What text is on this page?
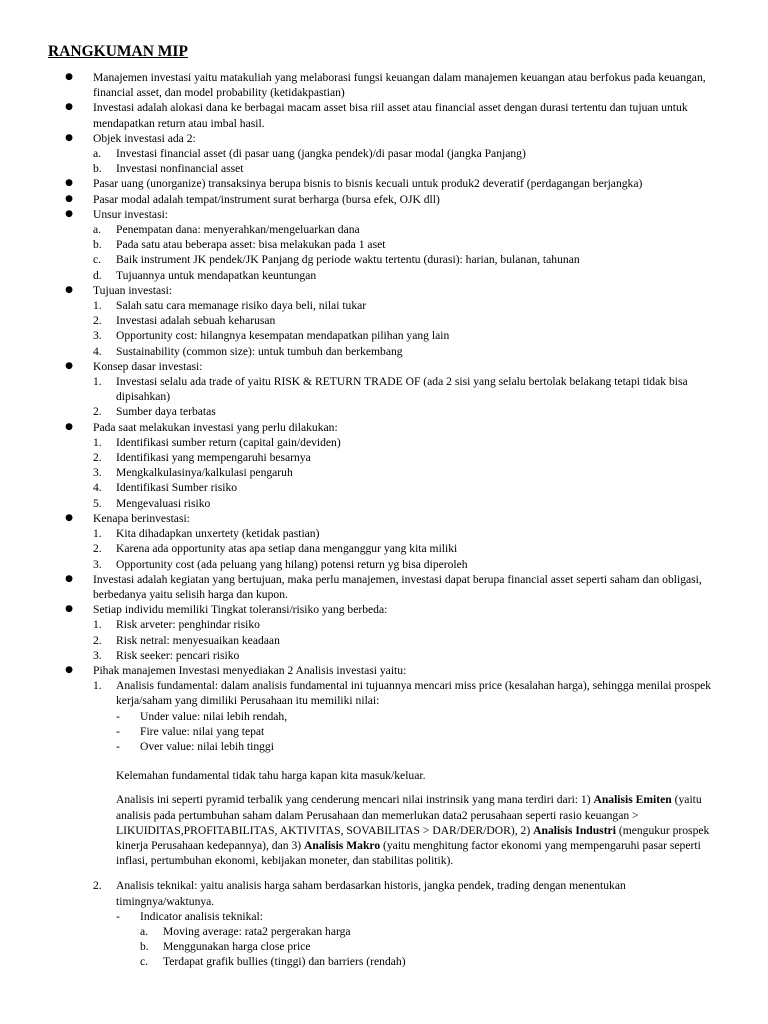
RANGKUMAN MIP
● Manajemen investasi yaitu matakuliah yang melaborasi fungsi keuangan dalam manajemen keuangan atau berfokus pada keuangan, financial asset, dan model probability (ketidakpastian)
● Investasi adalah alokasi dana ke berbagai macam asset bisa riil asset atau financial asset dengan durasi tertentu dan tujuan untuk mendapatkan return atau imbal hasil.
● Objek investasi ada 2:
a. Investasi financial asset (di pasar uang (jangka pendek)/di pasar modal (jangka Panjang)
b. Investasi nonfinancial asset
● Pasar uang (unorganize) transaksinya berupa bisnis to bisnis kecuali untuk produk2 deveratif (perdagangan berjangka)
● Pasar modal adalah tempat/instrument surat berharga (bursa efek, OJK dll)
● Unsur investasi:
a. Penempatan dana: menyerahkan/mengeluarkan dana
b. Pada satu atau beberapa asset: bisa melakukan pada 1 aset
c. Baik instrument JK pendek/JK Panjang dg periode waktu tertentu (durasi): harian, bulanan, tahunan
d. Tujuannya untuk mendapatkan keuntungan
● Tujuan investasi:
1. Salah satu cara memanage risiko daya beli, nilai tukar
2. Investasi adalah sebuah keharusan
3. Opportunity cost: hilangnya kesempatan mendapatkan pilihan yang lain
4. Sustainability (common size): untuk tumbuh dan berkembang
● Konsep dasar investasi:
1. Investasi selalu ada trade of yaitu RISK & RETURN TRADE OF (ada 2 sisi yang selalu bertolak belakang tetapi tidak bisa dipisahkan)
2. Sumber daya terbatas
● Pada saat melakukan investasi yang perlu dilakukan:
1. Identifikasi sumber return (capital gain/deviden)
2. Identifikasi yang mempengaruhi besarnya
3. Mengkalkulasinya/kalkulasi pengaruh
4. Identifikasi Sumber risiko
5. Mengevaluasi risiko
● Kenapa berinvestasi:
1. Kita dihadapkan unxertety (ketidak pastian)
2. Karena ada opportunity atas apa setiap dana menganggur yang kita miliki
3. Opportunity cost (ada peluang yang hilang) potensi return yg bisa diperoleh
● Investasi adalah kegiatan yang bertujuan, maka perlu manajemen, investasi dapat berupa financial asset seperti saham dan obligasi, berbedanya yaitu selisih harga dan kupon.
● Setiap individu memiliki Tingkat toleransi/risiko yang berbeda:
1. Risk arveter: penghindar risiko
2. Risk netral: menyesuaikan keadaan
3. Risk seeker: pencari risiko
● Pihak manajemen Investasi menyediakan 2 Analisis investasi yaitu:
1. Analisis fundamental: dalam analisis fundamental ini tujuannya mencari miss price (kesalahan harga), sehingga menilai prospek kerja/saham yang dimiliki Perusahaan itu memiliki nilai:
- Under value: nilai lebih rendah,
- Fire value: nilai yang tepat
- Over value: nilai lebih tinggi

Kelemahan fundamental tidak tahu harga kapan kita masuk/keluar.

Analisis ini seperti pyramid terbalik yang cenderung mencari nilai instrinsik yang mana terdiri dari: 1) Analisis Emiten (yaitu analisis pada pertumbuhan saham dalam Perusahaan dan memerlukan data2 perusahaan seperti rasio keuangan > LIKUIDITAS,PROFITABILITAS, AKTIVITAS, SOVABILITAS > DAR/DER/DOR), 2) Analisis Industri (mengukur prospek kinerja Perusahaan kedepannya), dan 3) Analisis Makro (yaitu menghitung factor ekonomi yang mempengaruhi pasar seperti inflasi, pertumbuhan ekonomi, kebijakan moneter, dan stabilitas politik).

2. Analisis teknikal: yaitu analisis harga saham berdasarkan historis, jangka pendek, trading dengan menentukan timingnya/waktunya.
- Indicator analisis teknikal:
a. Moving average: rata2 pergerakan harga
b. Menggunakan harga close price
c. Terdapat grafik bullies (tinggi) dan barriers (rendah)
